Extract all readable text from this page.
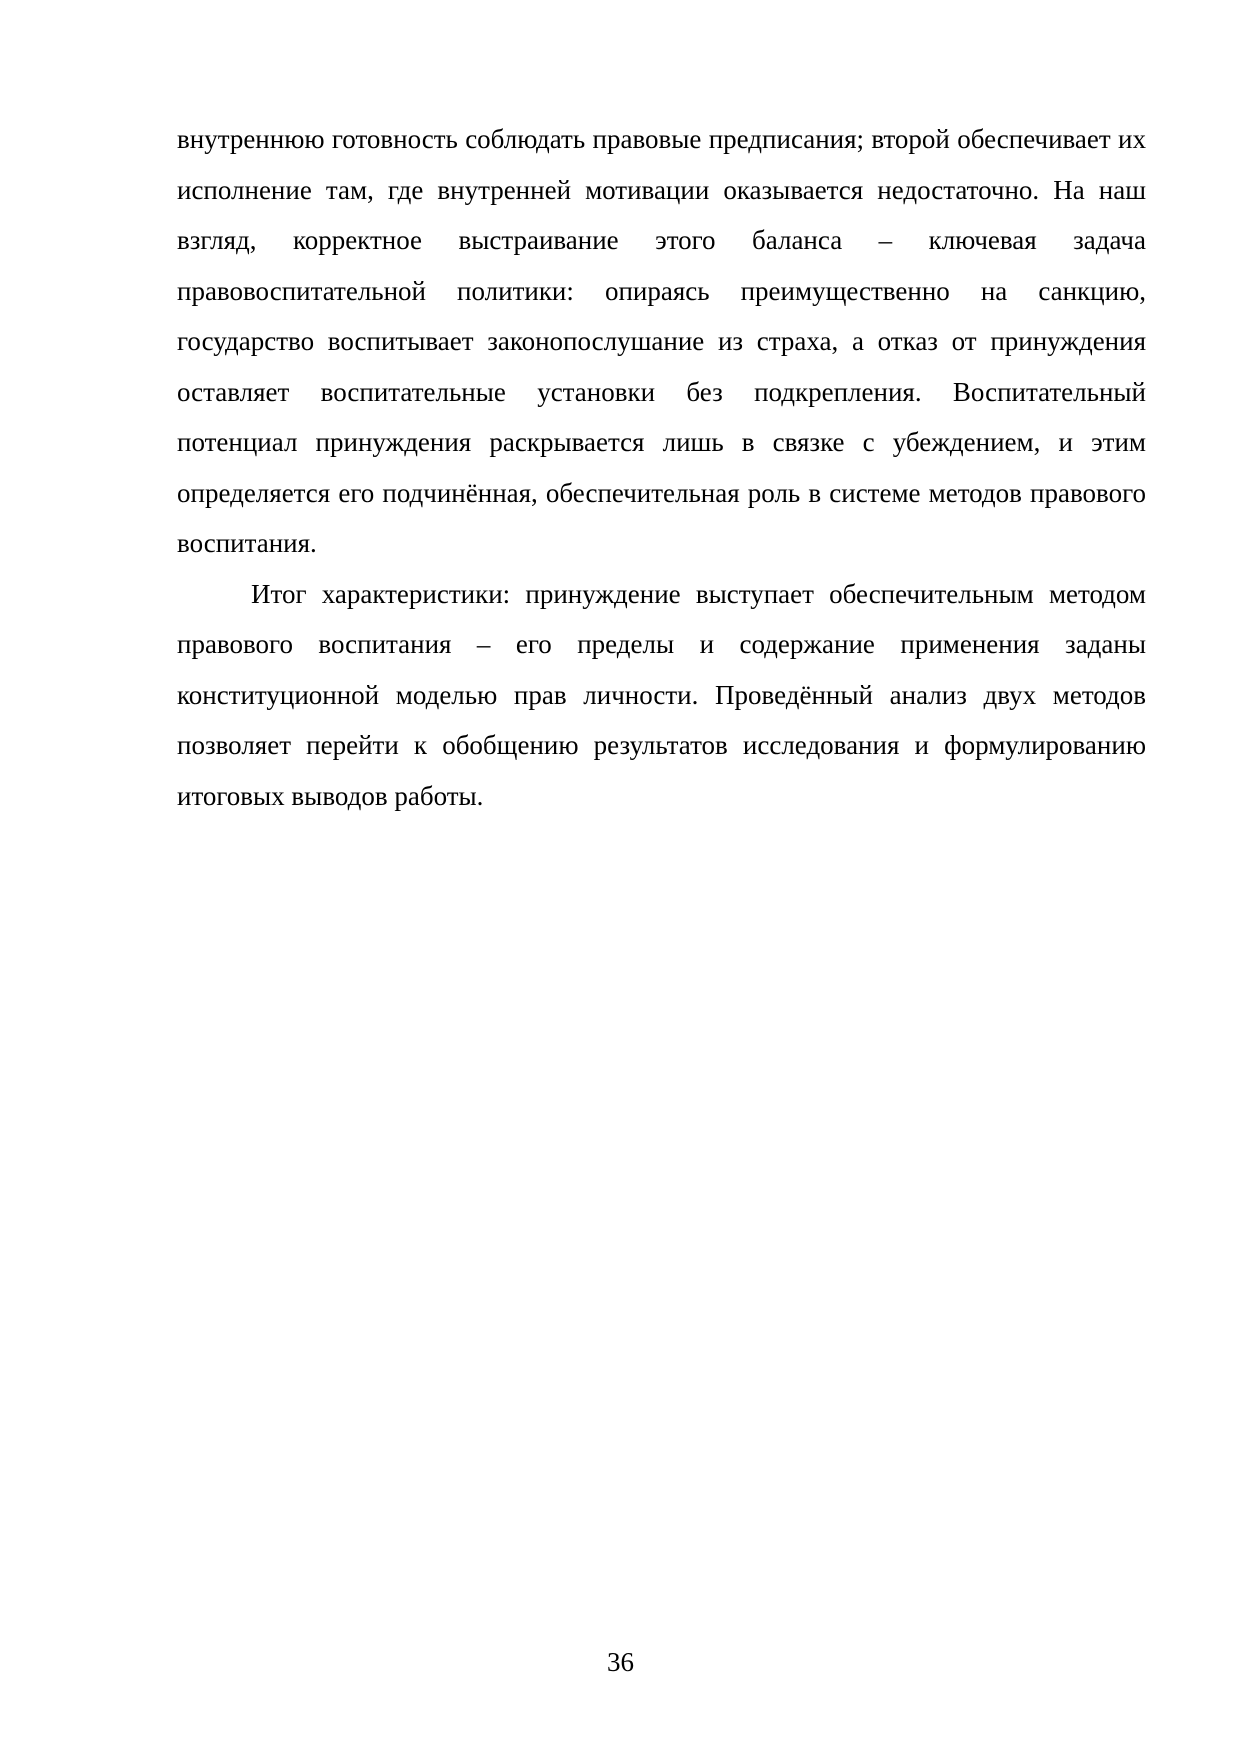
внутреннюю готовность соблюдать правовые предписания; второй обеспечивает их исполнение там, где внутренней мотивации оказывается недостаточно. На наш взгляд, корректное выстраивание этого баланса – ключевая задача правовоспитательной политики: опираясь преимущественно на санкцию, государство воспитывает законопослушание из страха, а отказ от принуждения оставляет воспитательные установки без подкрепления. Воспитательный потенциал принуждения раскрывается лишь в связке с убеждением, и этим определяется его подчинённая, обеспечительная роль в системе методов правового воспитания.

Итог характеристики: принуждение выступает обеспечительным методом правового воспитания – его пределы и содержание применения заданы конституционной моделью прав личности. Проведённый анализ двух методов позволяет перейти к обобщению результатов исследования и формулированию итоговых выводов работы.

36
